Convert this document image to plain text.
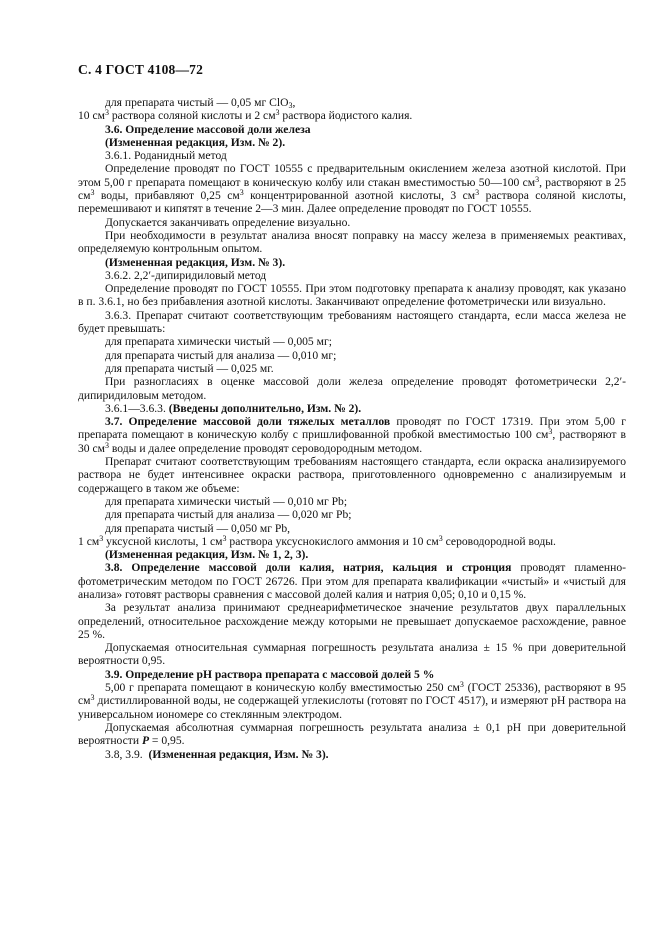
С. 4 ГОСТ 4108—72

для препарата чистый — 0,05 мг ClO$_3$,

10 $см^3$ раствора соляной кислоты и 2 $см^3$ раствора йодистого калия.

3.6. Определение массовой доли железа

(Измененная редакция, Изм. № 2).

3.6.1. Роданидный метод

Определение проводят по ГОСТ 10555 с предварительным окислением железа азотной кислотой. При этом 5,00 г препарата помещают в коническую колбу или стакан вместимостью 50—100 $см^3$, растворяют в 25 $см^3$ воды, прибавляют 0,25 $см^3$ концентрированной азотной кислоты, 3 $см^3$ раствора соляной кислоты, перемешивают и кипятят в течение 2—3 мин. Далее определение проводят по ГОСТ 10555.

Допускается заканчивать определение визуально.

При необходимости в результат анализа вносят поправку на массу железа в применяемых реактивах, определяемую контрольным опытом.

(Измененная редакция, Изм. № 3).

3.6.2. 2,2′-дипиридиловый метод

Определение проводят по ГОСТ 10555. При этом подготовку препарата к анализу проводят, как указано в п. 3.6.1, но без прибавления азотной кислоты. Заканчивают определение фотометрически или визуально.

3.6.3. Препарат считают соответствующим требованиям настоящего стандарта, если масса железа не будет превышать:

для препарата химически чистый — 0,005 мг;

для препарата чистый для анализа — 0,010 мг;

для препарата чистый — 0,025 мг.

При разногласиях в оценке массовой доли железа определение проводят фотометрически 2,2′-дипиридиловым методом.

3.6.1—3.6.3. (Введены дополнительно, Изм. № 2).

3.7. Определение массовой доли тяжелых металлов проводят по ГОСТ 17319. При этом 5,00 г препарата помещают в коническую колбу с пришлифованной пробкой вместимостью 100 $см^3$, растворяют в 30 $см^3$ воды и далее определение проводят сероводородным методом.

Препарат считают соответствующим требованиям настоящего стандарта, если окраска анализируемого раствора не будет интенсивнее окраски раствора, приготовленного одновременно с анализируемым и содержащего в таком же объеме:

для препарата химически чистый — 0,010 мг Pb;

для препарата чистый для анализа — 0,020 мг Pb;

для препарата чистый — 0,050 мг Pb,

1 $см^3$ уксусной кислоты, 1 $см^3$ раствора уксуснокислого аммония и 10 $см^3$ сероводородной воды.

(Измененная редакция, Изм. № 1, 2, 3).

3.8. Определение массовой доли калия, натрия, кальция и стронция проводят пламенно-фотометрическим методом по ГОСТ 26726. При этом для препарата квалификации «чистый» и «чистый для анализа» готовят растворы сравнения с массовой долей калия и натрия 0,05; 0,10 и 0,15 %.

За результат анализа принимают среднеарифметическое значение результатов двух параллельных определений, относительное расхождение между которыми не превышает допускаемое расхождение, равное 25 %.

Допускаемая относительная суммарная погрешность результата анализа ± 15 % при доверительной вероятности 0,95.

3.9. Определение pH раствора препарата с массовой долей 5 %

5,00 г препарата помещают в коническую колбу вместимостью 250 $см^3$ (ГОСТ 25336), растворяют в 95 $см^3$ дистиллированной воды, не содержащей углекислоты (готовят по ГОСТ 4517), и измеряют pH раствора на универсальном иономере со стеклянным электродом.

Допускаемая абсолютная суммарная погрешность результата анализа ± 0,1 pH при доверительной вероятности P = 0,95.

3.8, 3.9. (Измененная редакция, Изм. № 3).
